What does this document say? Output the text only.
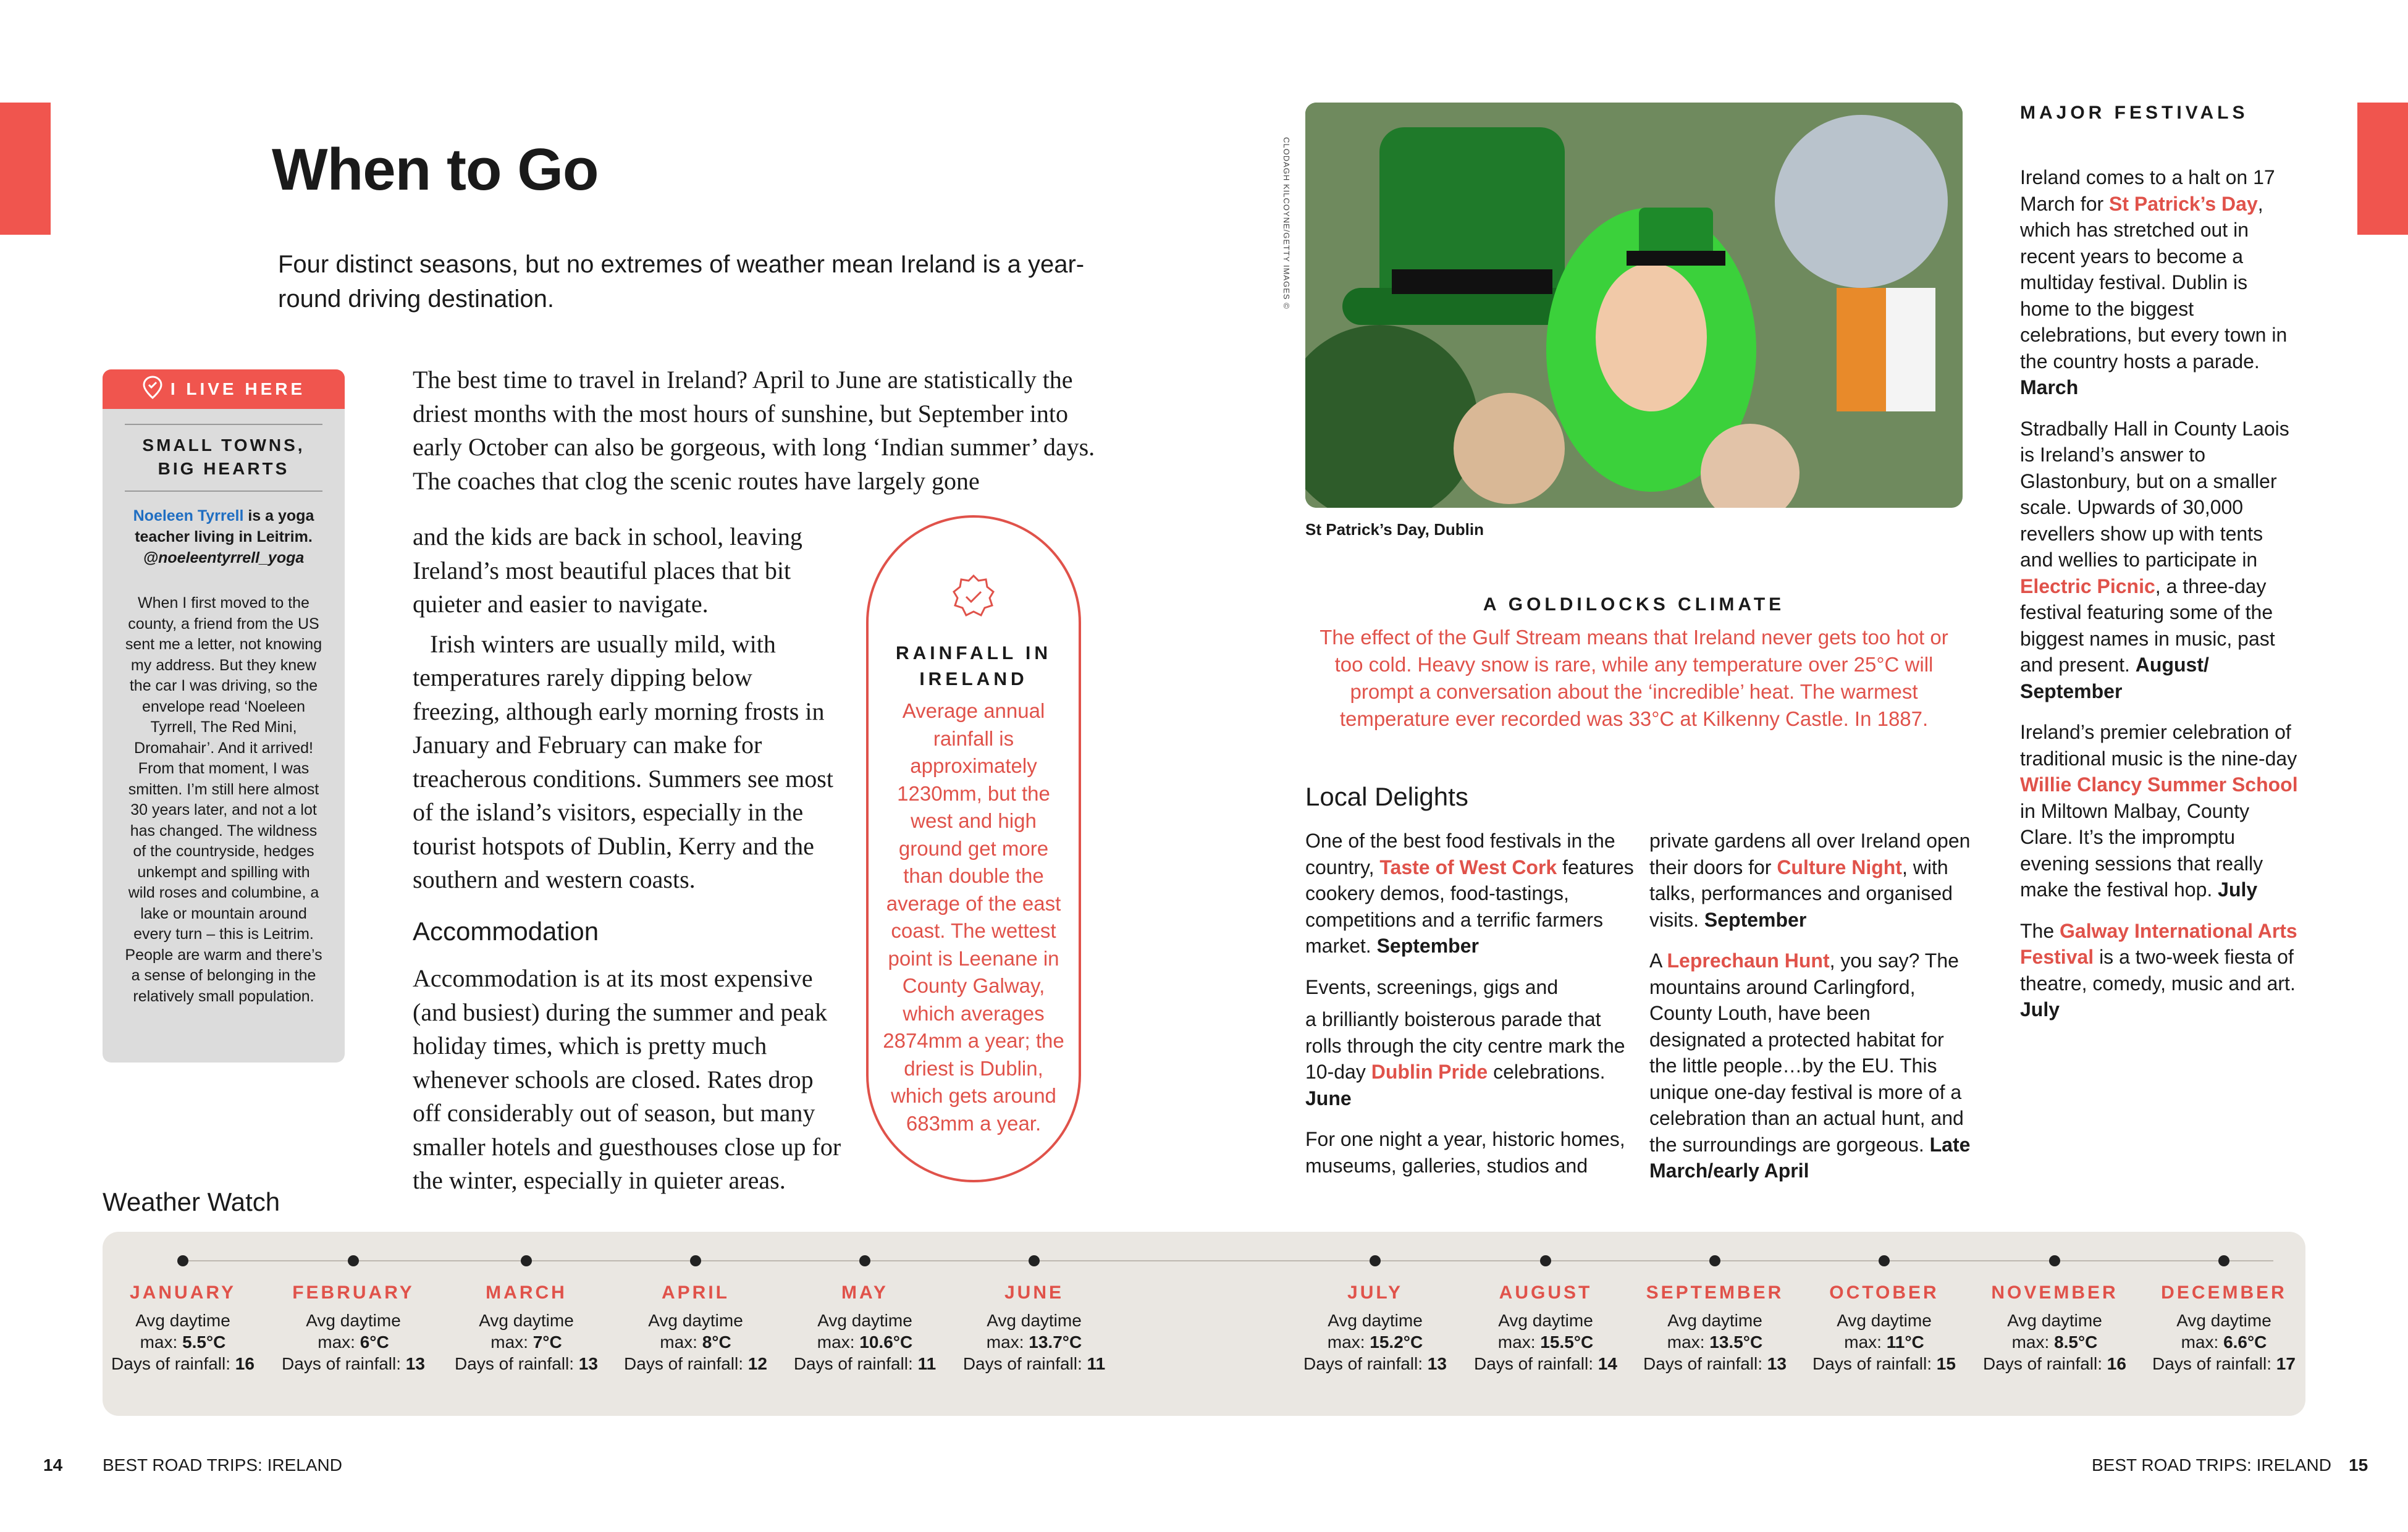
When to Go

Four distinct seasons, but no extremes of weather mean Ireland is a year-round driving destination.

I LIVE HERE
SMALL TOWNS,
BIG HEARTS
Noeleen Tyrrell is a yoga teacher living in Leitrim.
@noeleentyrrell_yoga

When I first moved to the county, a friend from the US sent me a letter, not knowing my address. But they knew the car I was driving, so the envelope read ‘Noeleen Tyrrell, The Red Mini, Dromahair’. And it arrived! From that moment, I was smitten. I’m still here almost 30 years later, and not a lot has changed. The wildness of the countryside, hedges unkempt and spilling with wild roses and columbine, a lake or mountain around every turn – this is Leitrim. People are warm and there’s a sense of belonging in the relatively small population.

The best time to travel in Ireland? April to June are statistically the driest months with the most hours of sunshine, but September into early October can also be gorgeous, with long ‘Indian summer’ days. The coaches that clog the scenic routes have largely gone

and the kids are back in school, leaving Ireland’s most beautiful places that bit quieter and easier to navigate.

Irish winters are usually mild, with temperatures rarely dipping below freezing, although early morning frosts in January and February can make for treacherous conditions. Summers see most of the island’s visitors, especially in the tourist hotspots of Dublin, Kerry and the southern and western coasts.

Accommodation

Accommodation is at its most expensive (and busiest) during the summer and peak holiday times, which is pretty much whenever schools are closed. Rates drop off considerably out of season, but many smaller hotels and guesthouses close up for the winter, especially in quieter areas.

RAINFALL IN
IRELAND

Average annual rainfall is approximately 1230mm, but the west and high ground get more than double the average of the east coast. The wettest point is Leenane in County Galway, which averages 2874mm a year; the driest is Dublin, which gets around 683mm a year.

CLODAGH KILCOYNE/GETTY IMAGES ©
St Patrick’s Day, Dublin
A GOLDILOCKS CLIMATE

The effect of the Gulf Stream means that Ireland never gets too hot or too cold. Heavy snow is rare, while any temperature over 25°C will prompt a conversation about the ‘incredible’ heat. The warmest temperature ever recorded was 33°C at Kilkenny Castle. In 1887.

Local Delights

One of the best food festivals in the country, Taste of West Cork features cookery demos, food-tastings, competitions and a terrific farmers market. September

Events, screenings, gigs and

a brilliantly boisterous parade that rolls through the city centre mark the 10-day Dublin Pride celebrations. June

For one night a year, historic homes, museums, galleries, studios and

private gardens all over Ireland open their doors for Culture Night, with talks, performances and organised visits. September

A Leprechaun Hunt, you say? The mountains around Carlingford, County Louth, have been designated a protected habitat for the little people…by the EU. This unique one-day festival is more of a celebration than an actual hunt, and the surroundings are gorgeous. Late March/early April

MAJOR FESTIVALS

Ireland comes to a halt on 17 March for St Patrick’s Day, which has stretched out in recent years to become a multiday festival. Dublin is home to the biggest celebrations, but every town in the country hosts a parade. March

Stradbally Hall in County Laois is Ireland’s answer to Glastonbury, but on a smaller scale. Upwards of 30,000 revellers show up with tents and wellies to participate in Electric Picnic, a three-day festival featuring some of the biggest names in music, past and present. August/ September

Ireland’s premier celebration of traditional music is the nine-day Willie Clancy Summer School in Miltown Malbay, County Clare. It’s the impromptu evening sessions that really make the festival hop. July

The Galway International Arts Festival is a two-week fiesta of theatre, comedy, music and art. July

Weather Watch
JANUARY
Avg daytime
max: 5.5°C
Days of rainfall: 16
FEBRUARY
Avg daytime
max: 6°C
Days of rainfall: 13
MARCH
Avg daytime
max: 7°C
Days of rainfall: 13
APRIL
Avg daytime
max: 8°C
Days of rainfall: 12
MAY
Avg daytime
max: 10.6°C
Days of rainfall: 11
JUNE
Avg daytime
max: 13.7°C
Days of rainfall: 11
JULY
Avg daytime
max: 15.2°C
Days of rainfall: 13
AUGUST
Avg daytime
max: 15.5°C
Days of rainfall: 14
SEPTEMBER
Avg daytime
max: 13.5°C
Days of rainfall: 13
OCTOBER
Avg daytime
max: 11°C
Days of rainfall: 15
NOVEMBER
Avg daytime
max: 8.5°C
Days of rainfall: 16
DECEMBER
Avg daytime
max: 6.6°C
Days of rainfall: 17
14 BEST ROAD TRIPS: IRELAND	BEST ROAD TRIPS: IRELAND 15
